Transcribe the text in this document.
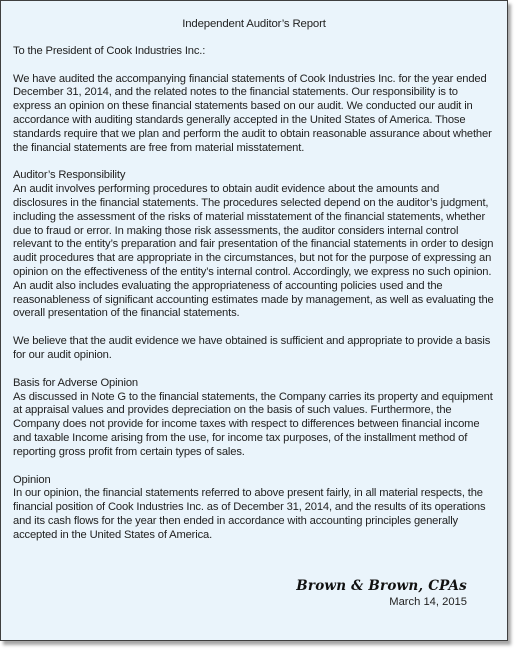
Independent Auditor’s Report
To the President of Cook Industries Inc.:
We have audited the accompanying financial statements of Cook Industries Inc. for the year ended December 31, 2014, and the related notes to the financial statements. Our responsibility is to express an opinion on these financial statements based on our audit. We conducted our audit in accordance with auditing standards generally accepted in the United States of America. Those standards require that we plan and perform the audit to obtain reasonable assurance about whether the financial statements are free from material misstatement.
Auditor’s Responsibility
An audit involves performing procedures to obtain audit evidence about the amounts and disclosures in the financial statements. The procedures selected depend on the auditor’s judgment, including the assessment of the risks of material misstatement of the financial statements, whether due to fraud or error. In making those risk assessments, the auditor considers internal control relevant to the entity’s preparation and fair presentation of the financial statements in order to design audit procedures that are appropriate in the circumstances, but not for the purpose of expressing an opinion on the effectiveness of the entity’s internal control. Accordingly, we express no such opinion. An audit also includes evaluating the appropriateness of accounting policies used and the reasonableness of significant accounting estimates made by management, as well as evaluating the overall presentation of the financial statements.
We believe that the audit evidence we have obtained is sufficient and appropriate to provide a basis for our audit opinion.
Basis for Adverse Opinion
As discussed in Note G to the financial statements, the Company carries its property and equipment at appraisal values and provides depreciation on the basis of such values. Furthermore, the Company does not provide for income taxes with respect to differences between financial income and taxable Income arising from the use, for income tax purposes, of the installment method of reporting gross profit from certain types of sales.
Opinion
In our opinion, the financial statements referred to above present fairly, in all material respects, the financial position of Cook Industries Inc. as of December 31, 2014, and the results of its operations and its cash flows for the year then ended in accordance with accounting principles generally accepted in the United States of America.
Brown & Brown, CPAs
March 14, 2015
